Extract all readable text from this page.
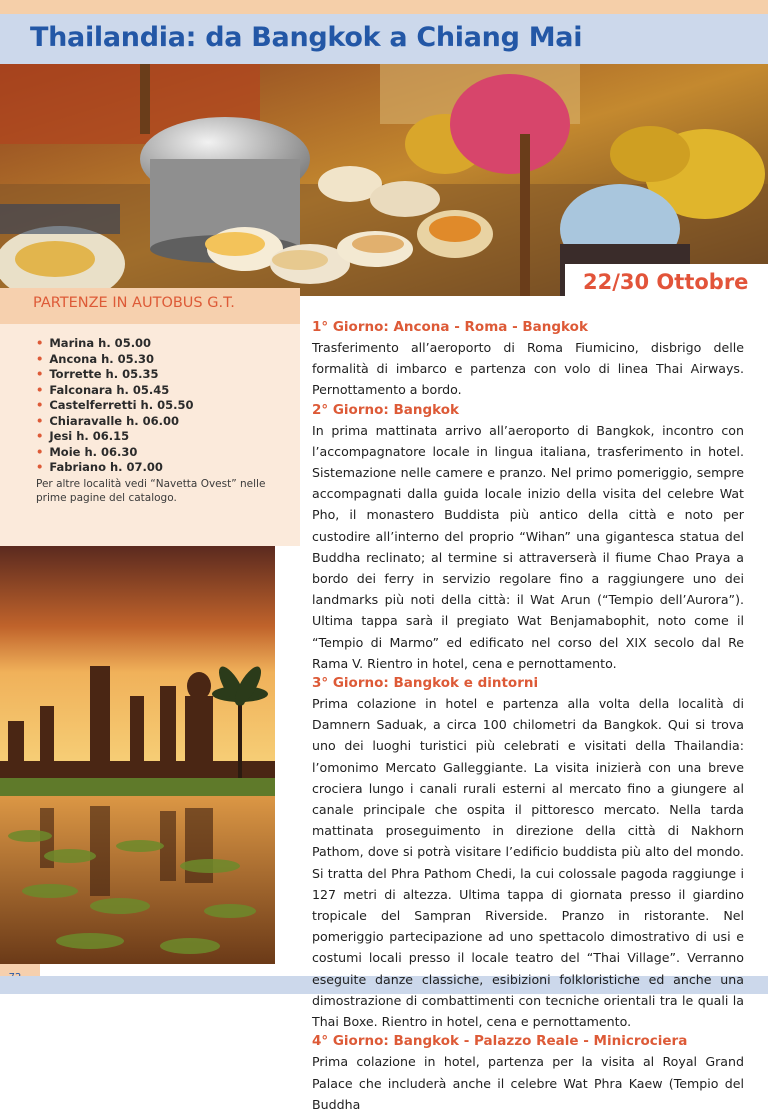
Thailandia: da Bangkok a Chiang Mai
22/30 Ottobre
PARTENZE IN AUTOBUS G.T.
• Marina h. 05.00
• Ancona h. 05.30
• Torrette h. 05.35
• Falconara h. 05.45
• Castelferretti h. 05.50
• Chiaravalle h. 06.00
• Jesi h. 06.15
• Moie h. 06.30
• Fabriano h. 07.00

Per altre località vedi “Navetta Ovest” nelle prime pagine del catalogo.

1° Giorno: Ancona - Roma - Bangkok

Trasferimento all’aeroporto di Roma Fiumicino, disbrigo delle formalità di imbarco e partenza con volo di linea Thai Airways. Pernottamento a bordo.

2° Giorno: Bangkok

In prima mattinata arrivo all’aeroporto di Bangkok, incontro con l’accompagnatore locale in lingua italiana, trasferimento in hotel. Sistemazione nelle camere e pranzo. Nel primo pomeriggio, sempre accompagnati dalla guida locale inizio della visita del celebre Wat Pho, il monastero Buddista più antico della città e noto per custodire all’interno del proprio “Wihan” una gigantesca statua del Buddha reclinato; al termine si attraverserà il fiume Chao Praya a bordo dei ferry in servizio regolare fino a raggiungere uno dei landmarks più noti della città: il Wat Arun (“Tempio dell’Aurora”). Ultima tappa sarà il pregiato Wat Benjamabophit, noto come il “Tempio di Marmo” ed edificato nel corso del XIX secolo dal Re Rama V. Rientro in hotel, cena e pernottamento.

3° Giorno: Bangkok e dintorni

Prima colazione in hotel e partenza alla volta della località di Damnern Saduak, a circa 100 chilometri da Bangkok. Qui si trova uno dei luoghi turistici più celebrati e visitati della Thailandia: l’omonimo Mercato Galleggiante. La visita inizierà con una breve crociera lungo i canali rurali esterni al mercato fino a giungere al canale principale che ospita il pittoresco mercato. Nella tarda mattinata proseguimento in direzione della città di Nakhorn Pathom, dove si potrà visitare l’edificio buddista più alto del mondo. Si tratta del Phra Pathom Chedi, la cui colossale pagoda raggiunge i 127 metri di altezza. Ultima tappa di giornata presso il giardino tropicale del Sampran Riverside. Pranzo in ristorante. Nel pomeriggio partecipazione ad uno spettacolo dimostrativo di usi e costumi locali presso il locale teatro del “Thai Village”. Verranno eseguite danze classiche, esibizioni folkloristiche ed anche una dimostrazione di combattimenti con tecniche orientali tra le quali la Thai Boxe. Rientro in hotel, cena e pernottamento.

4° Giorno: Bangkok - Palazzo Reale - Minicrociera

Prima colazione in hotel, partenza per la visita al Royal Grand Palace che includerà anche il celebre Wat Phra Kaew (Tempio del Buddha
